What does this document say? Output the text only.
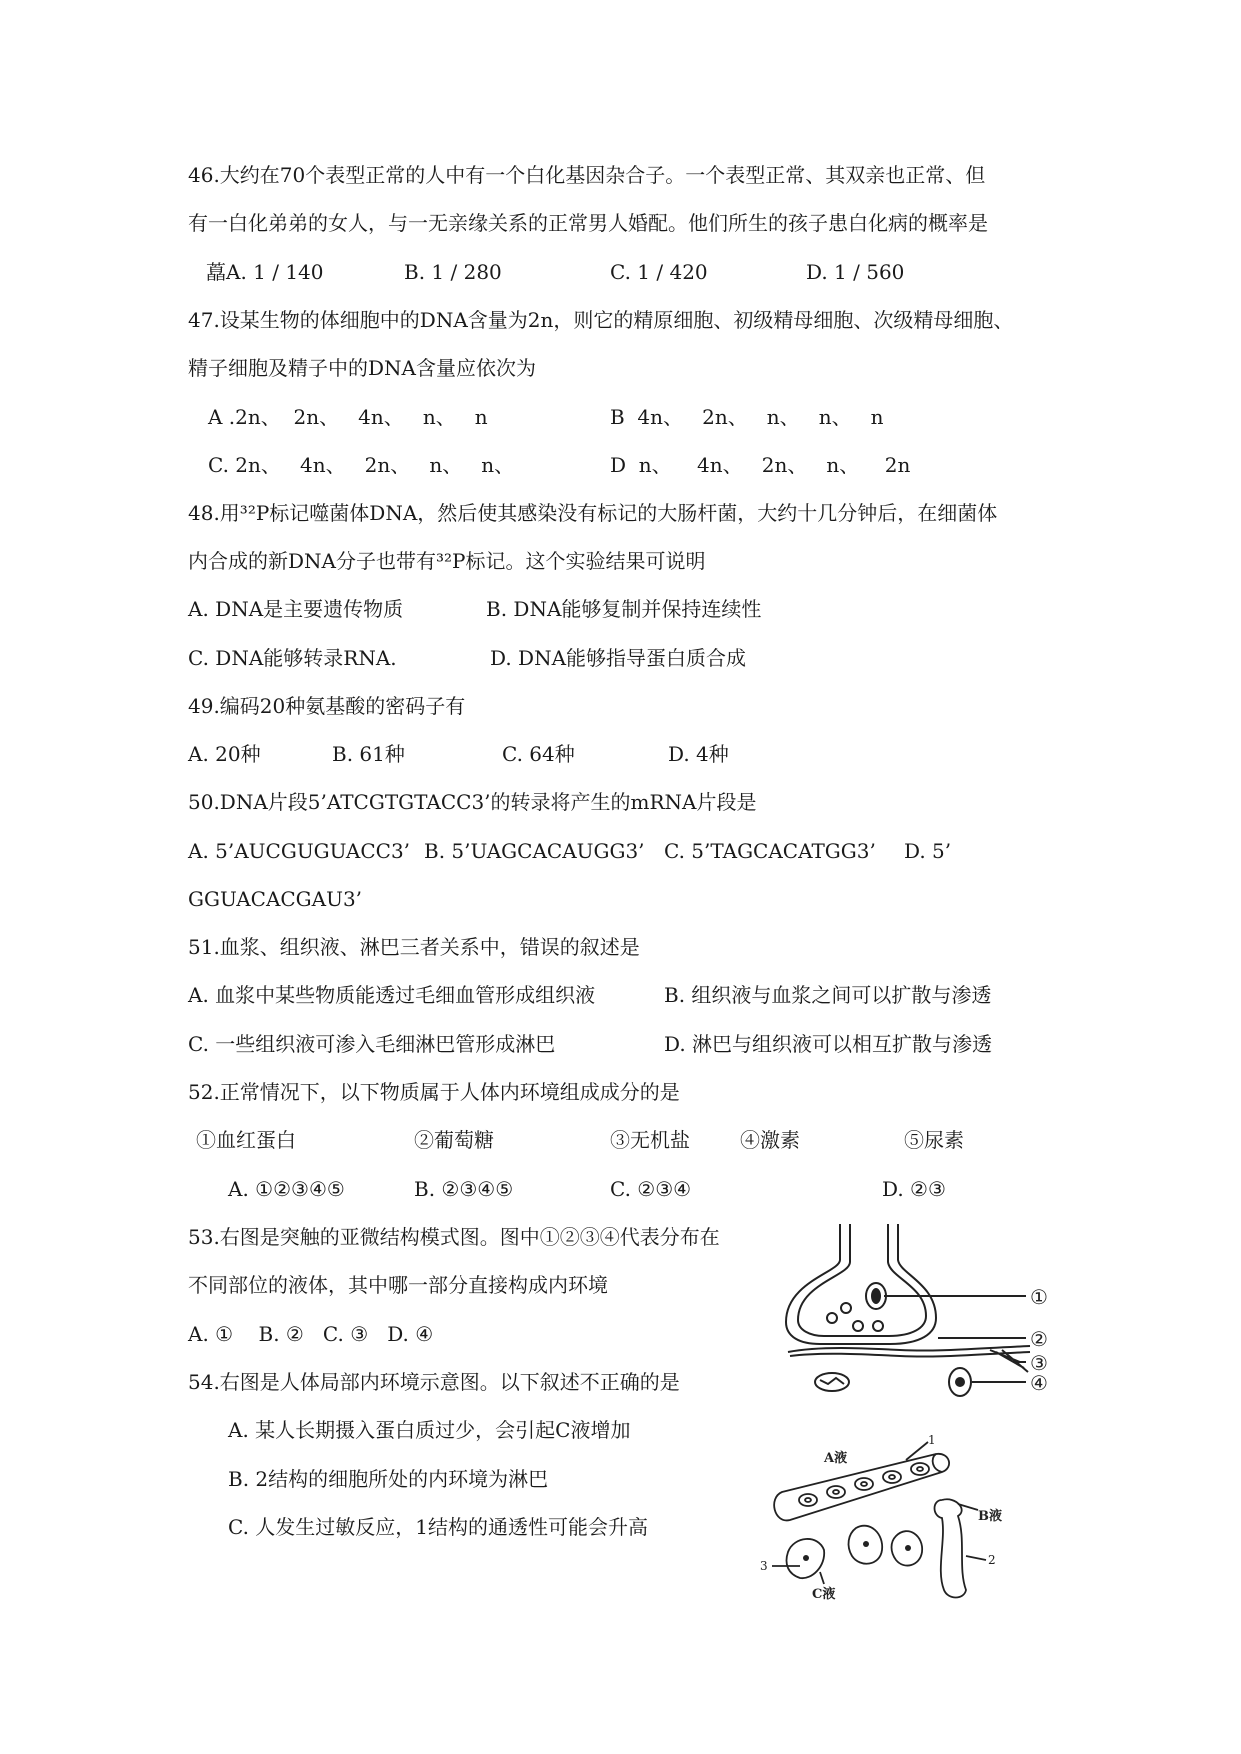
46.大约在70个表型正常的人中有一个白化基因杂合子。一个表型正常、其双亲也正常、但
有一白化弟弟的女人，与一无亲缘关系的正常男人婚配。他们所生的孩子患白化病的概率是
藠A. 1 / 140	B. 1 / 280	C. 1 / 420	D. 1 / 560
47.设某生物的体细胞中的DNA含量为2n，则它的精原细胞、初级精母细胞、次级精母细胞、
精子细胞及精子中的DNA含量应依次为
A .2n、  2n、   4n、   n、   n	B  4n、   2n、   n、   n、   n
C. 2n、   4n、   2n、   n、   n、	D  n、    4n、   2n、   n、    2n
48.用³²P标记噬菌体DNA，然后使其感染没有标记的大肠杆菌，大约十几分钟后，在细菌体
内合成的新DNA分子也带有³²P标记。这个实验结果可说明
A. DNA是主要遗传物质	B. DNA能够复制并保持连续性
C. DNA能够转录RNA.	D. DNA能够指导蛋白质合成
49.编码20种氨基酸的密码子有
A. 20种	B. 61种	C. 64种	D. 4种
50.DNA片段5’ATCGTGTACC3’的转录将产生的mRNA片段是
A. 5’AUCGUGUACC3’ B. 5’UAGCACAUGG3’ C. 5’TAGCACATGG3’ D. 5’
GGUACACGAU3’
51.血浆、组织液、淋巴三者关系中，错误的叙述是
A. 血浆中某些物质能透过毛细血管形成组织液	B. 组织液与血浆之间可以扩散与渗透
C. 一些组织液可渗入毛细淋巴管形成淋巴	D. 淋巴与组织液可以相互扩散与渗透
52.正常情况下，以下物质属于人体内环境组成成分的是
①血红蛋白	②葡萄糖	③无机盐	④激素	⑤尿素
A. ①②③④⑤	B. ②③④⑤	C. ②③④	D. ②③
53.右图是突触的亚微结构模式图。图中①②③④代表分布在
不同部位的液体，其中哪一部分直接构成内环境
A. ①    B. ②   C. ③   D. ④
①
②
③
④
54.右图是人体局部内环境示意图。以下叙述不正确的是
A. 某人长期摄入蛋白质过少，会引起C液增加
B. 2结构的细胞所处的内环境为淋巴
C. 人发生过敏反应，1结构的通透性可能会升高
A液
B液
C液
1
2
3
